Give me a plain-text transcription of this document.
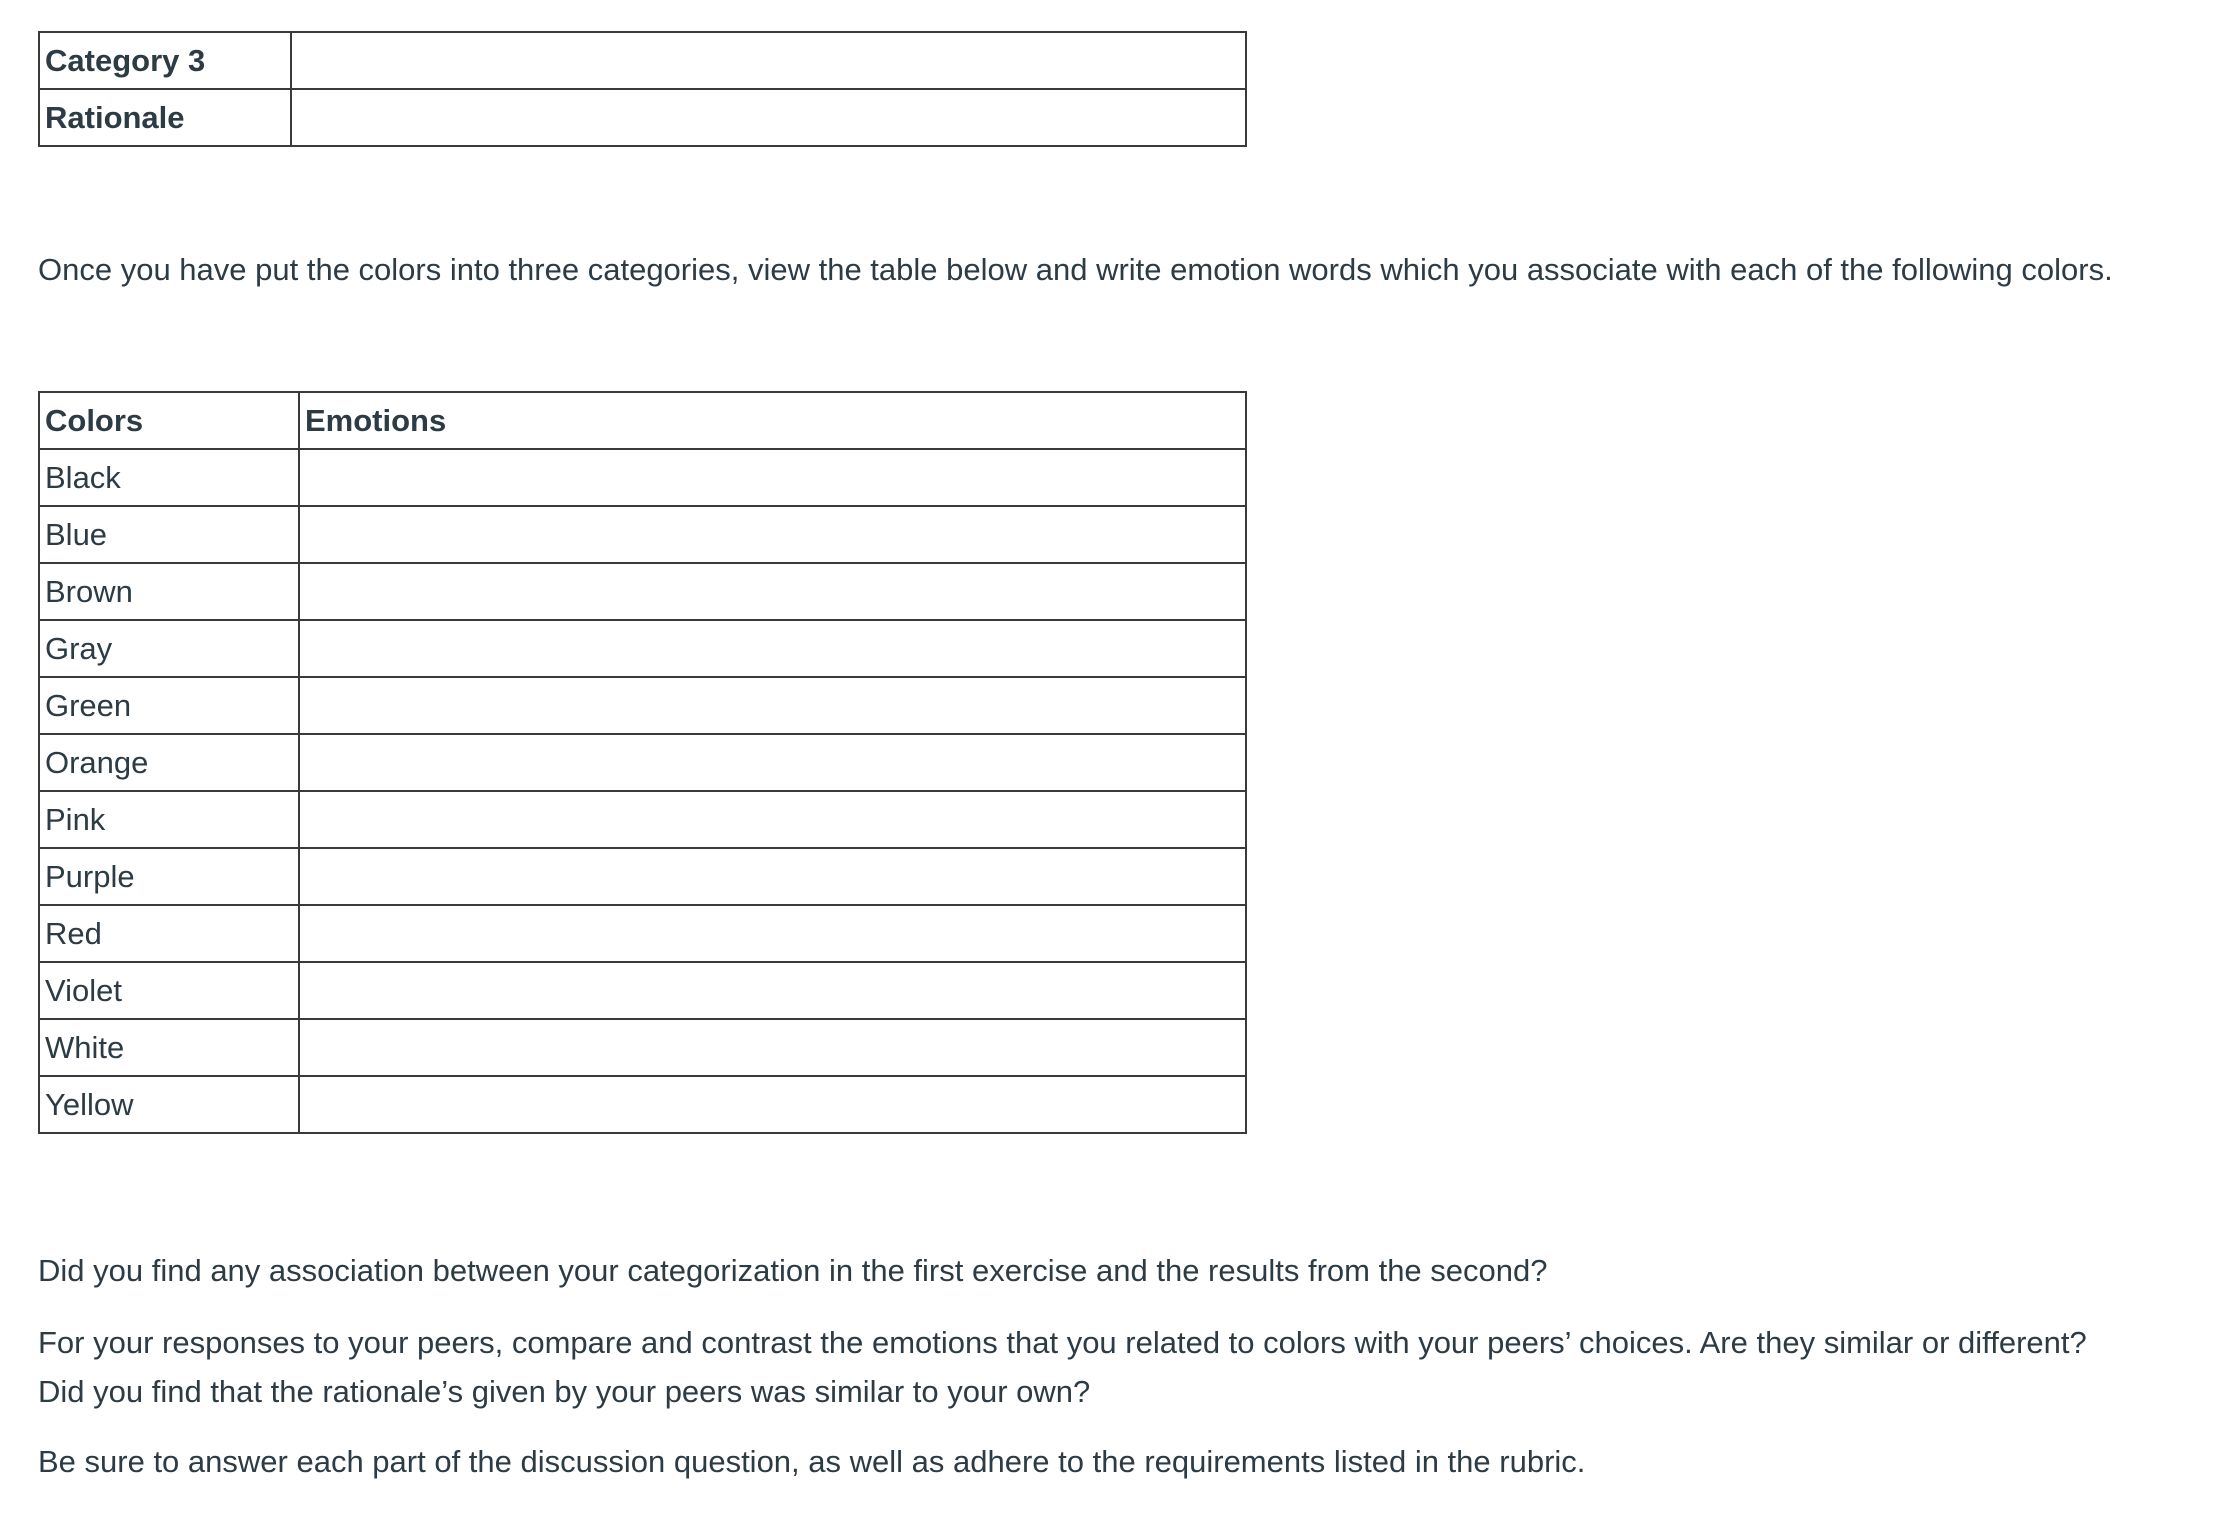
Category 3	
Rationale	

Once you have put the colors into three categories, view the table below and write emotion words which you associate with each of the following colors.

Colors	Emotions
Black	
Blue	
Brown	
Gray	
Green	
Orange	
Pink	
Purple	
Red	
Violet	
White	
Yellow	

Did you find any association between your categorization in the first exercise and the results from the second?

For your responses to your peers, compare and contrast the emotions that you related to colors with your peers’ choices. Are they similar or different?
Did you find that the rationale’s given by your peers was similar to your own?

Be sure to answer each part of the discussion question, as well as adhere to the requirements listed in the rubric.
